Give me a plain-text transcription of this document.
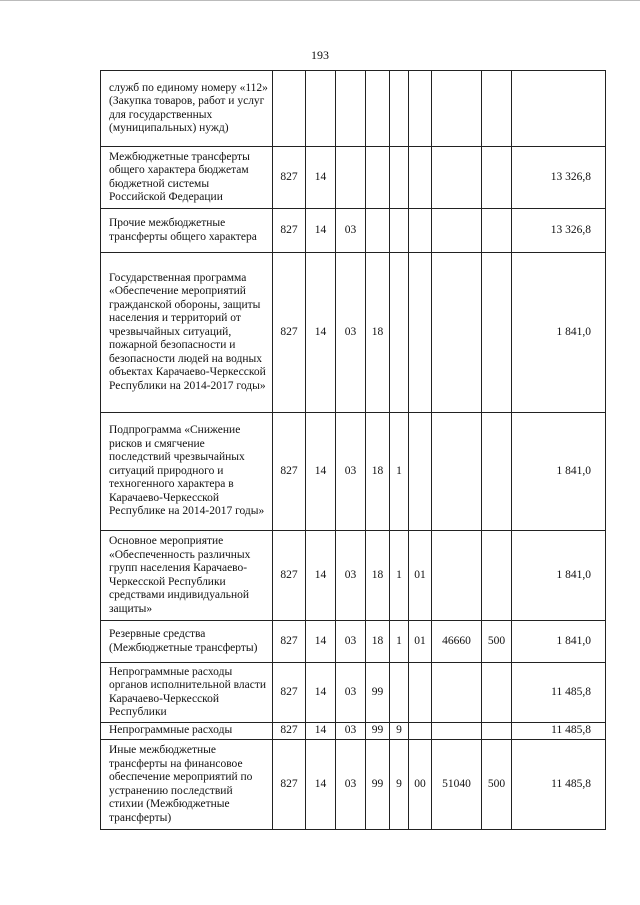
193
служб по единому номеру «112» (Закупка товаров, работ и услуг для государственных (муниципальных) нужд)									
Межбюджетные трансферты общего характера бюджетам бюджетной системы Российской Федерации	827	14							13 326,8
Прочие межбюджетные трансферты общего характера	827	14	03						13 326,8
Государственная программа «Обеспечение мероприятий гражданской обороны, защиты населения и территорий от чрезвычайных ситуаций, пожарной безопасности и безопасности людей на водных объектах Карачаево-Черкесской Республики на 2014-2017 годы»	827	14	03	18					1 841,0
Подпрограмма «Снижение рисков и смягчение последствий чрезвычайных ситуаций природного и техногенного характера в Карачаево-Черкесской Республике на 2014-2017 годы»	827	14	03	18	1				1 841,0
Основное мероприятие «Обеспеченность различных групп населения Карачаево-Черкесской Республики средствами индивидуальной защиты»	827	14	03	18	1	01			1 841,0
Резервные средства (Межбюджетные трансферты)	827	14	03	18	1	01	46660	500	1 841,0
Непрограммные расходы органов исполнительной власти Карачаево-Черкесской Республики	827	14	03	99					11 485,8
Непрограммные расходы	827	14	03	99	9				11 485,8
Иные межбюджетные трансферты на финансовое обеспечение мероприятий по устранению последствий стихии (Межбюджетные трансферты)	827	14	03	99	9	00	51040	500	11 485,8
